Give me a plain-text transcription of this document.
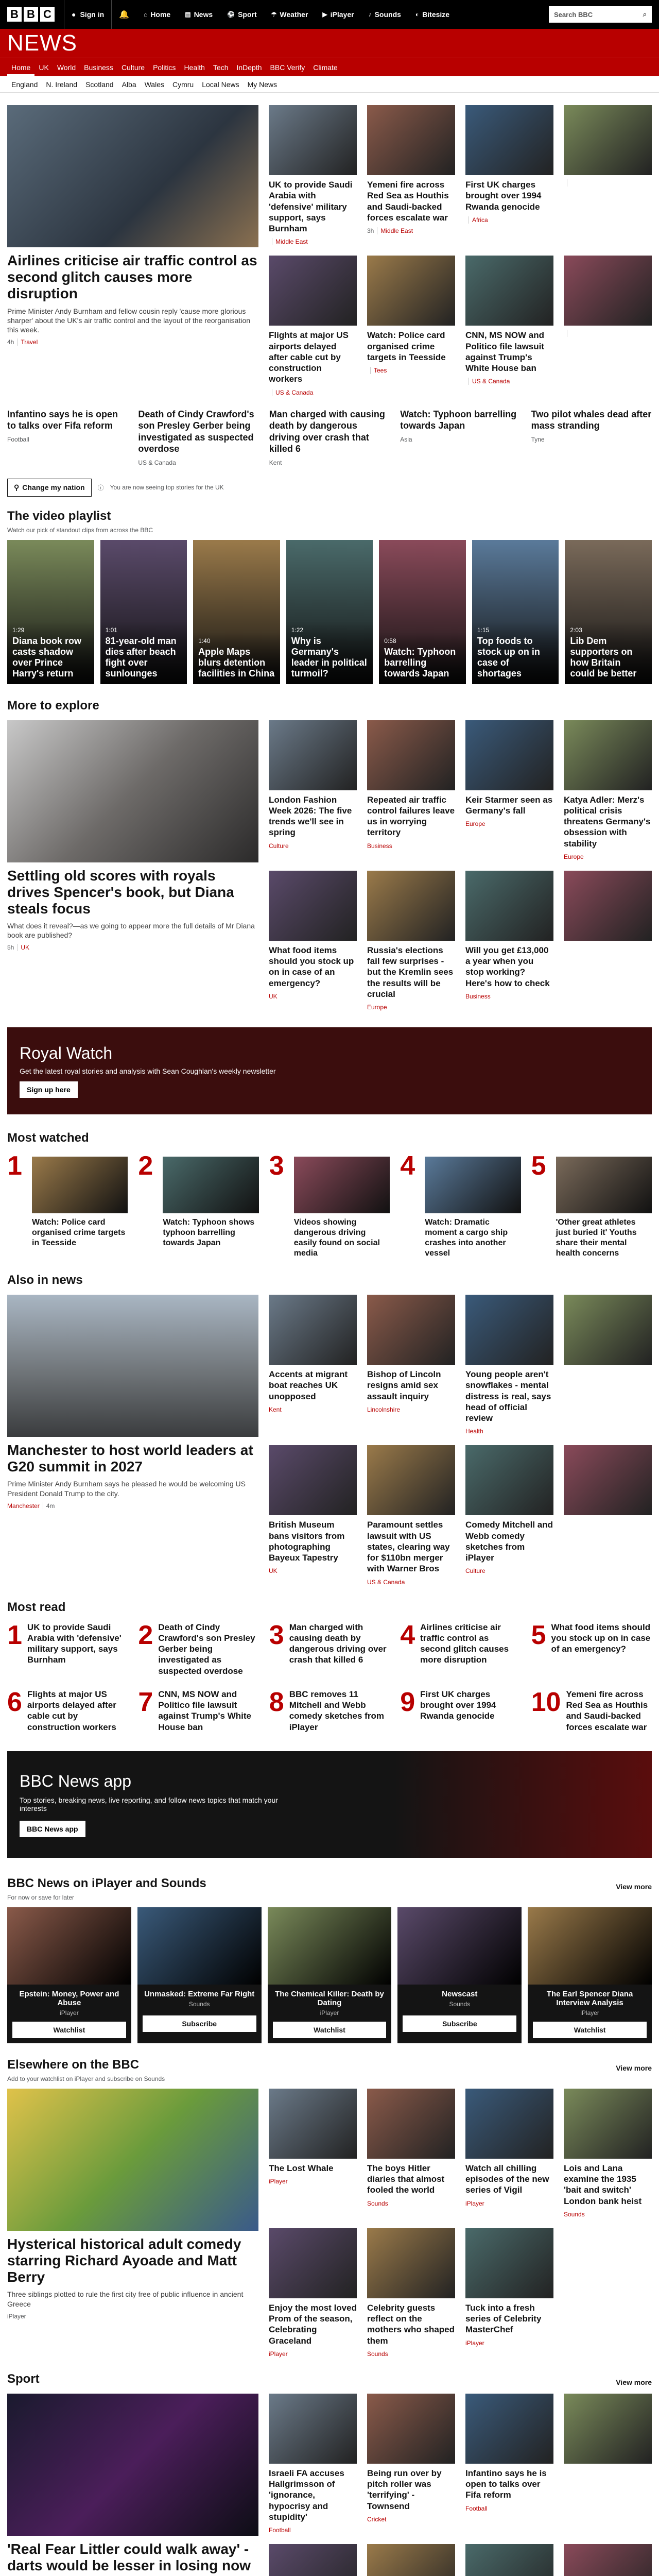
B B C	● Sign in	🔔	⌂ Home ▤ News ⚽ Sport ☂ Weather ▶ iPlayer ♪ Sounds ◐ Bitesize	Search BBC	⌕
NEWS
Home	UK	World	Business	Culture	Politics	Health	Tech	InDepth	BBC Verify	Climate
England	N. Ireland	Scotland	Alba	Wales	Cymru	Local News	My News
Airlines criticise air traffic control as second glitch causes more disruption

Prime Minister Andy Burnham and fellow cousin reply 'cause more glorious sharper' about the UK's air traffic control and the layout of the reorganisation this week.

4h Travel

UK to provide Saudi Arabia with 'defensive' military support, says Burnham

Middle East

Yemeni fire across Red Sea as Houthis and Saudi-backed forces escalate war

3h Middle East

First UK charges brought over 1994 Rwanda genocide

Africa

Flights at major US airports delayed after cable cut by construction workers

US & Canada

Watch: Police card organised crime targets in Teesside

Tees

CNN, MS NOW and Politico file lawsuit against Trump's White House ban

US & Canada

Infantino says he is open to talks over Fifa reform

Football

Death of Cindy Crawford's son Presley Gerber being investigated as suspected overdose

US & Canada

Man charged with causing death by dangerous driving over crash that killed 6

Kent

Watch: Typhoon barrelling towards Japan

Asia

Two pilot whales dead after mass stranding

Tyne

⚲ Change my nation ⓘ You are now seeing top stories for the UK
The video playlist

Watch our pick of standout clips from across the BBC

1:29
Diana book row casts shadow over Prince Harry's return
1:01
81-year-old man dies after beach fight over sunlounges
1:40
Apple Maps blurs detention facilities in China
1:22
Why is Germany's leader in political turmoil?
0:58
Watch: Typhoon barrelling towards Japan
1:15
Top foods to stock up on in case of shortages
2:03
Lib Dem supporters on how Britain could be better
More to explore
Settling old scores with royals drives Spencer's book, but Diana steals focus

What does it reveal?—as we going to appear more the full details of Mr Diana book are published?

5h UK

London Fashion Week 2026: The five trends we'll see in spring

Culture

Repeated air traffic control failures leave us in worrying territory

Business

Keir Starmer seen as Germany's fall

Europe

Katya Adler: Merz's political crisis threatens Germany's obsession with stability

Europe

What food items should you stock up on in case of an emergency?

UK

Russia's elections fail few surprises - but the Kremlin sees the results will be crucial

Europe

Will you get £13,000 a year when you stop working? Here's how to check

Business

Royal Watch

Get the latest royal stories and analysis with Sean Coughlan's weekly newsletter

Sign up here
Most watched
1
Watch: Police card organised crime targets in Teesside
2
Watch: Typhoon shows typhoon barrelling towards Japan
3
Videos showing dangerous driving easily found on social media
4
Watch: Dramatic moment a cargo ship crashes into another vessel
5
'Other great athletes just buried it' Youths share their mental health concerns
Also in news
Manchester to host world leaders at G20 summit in 2027

Prime Minister Andy Burnham says he pleased he would be welcoming US President Donald Trump to the city.

Manchester 4m

Accents at migrant boat reaches UK unopposed

Kent

Bishop of Lincoln resigns amid sex assault inquiry

Lincolnshire

Young people aren't snowflakes - mental distress is real, says head of official review

Health

British Museum bans visitors from photographing Bayeux Tapestry

UK

Paramount settles lawsuit with US states, clearing way for $110bn merger with Warner Bros

US & Canada

Comedy Mitchell and Webb comedy sketches from iPlayer

Culture

Most read
1 UK to provide Saudi Arabia with 'defensive' military support, says Burnham
2 Death of Cindy Crawford's son Presley Gerber being investigated as suspected overdose
3 Man charged with causing death by dangerous driving over crash that killed 6
4 Airlines criticise air traffic control as second glitch causes more disruption
5 What food items should you stock up on in case of an emergency?
6 Flights at major US airports delayed after cable cut by construction workers
7 CNN, MS NOW and Politico file lawsuit against Trump's White House ban
8 BBC removes 11 Mitchell and Webb comedy sketches from iPlayer
9 First UK charges brought over 1994 Rwanda genocide	10 Yemeni fire across Red Sea as Houthis and Saudi-backed forces escalate war
BBC News app

Top stories, breaking news, live reporting, and follow news topics that match your interests

BBC News app
BBC News on iPlayer and Sounds	View more

For now or save for later

Epstein: Money, Power and Abuse
iPlayer
Watchlist
Unmasked: Extreme Far Right
Sounds
Subscribe
The Chemical Killer: Death by Dating
iPlayer
Watchlist
Newscast
Sounds
Subscribe
The Earl Spencer Diana Interview Analysis
iPlayer
Watchlist
Elsewhere on the BBC	View more

Add to your watchlist on iPlayer and subscribe on Sounds

Hysterical historical adult comedy starring Richard Ayoade and Matt Berry

Three siblings plotted to rule the first city free of public influence in ancient Greece

iPlayer

The Lost Whale

iPlayer

The boys Hitler diaries that almost fooled the world

Sounds

Watch all chilling episodes of the new series of Vigil

iPlayer

Lois and Lana examine the 1935 'bait and switch' London bank heist

Sounds

Enjoy the most loved Prom of the season, Celebrating Graceland

iPlayer

Celebrity guests reflect on the mothers who shaped them

Sounds

Tuck into a fresh series of Celebrity MasterChef

iPlayer

Sport	View more
'Real Fear Littler could walk away' - darts would be lesser in losing now

Israeli FA accuses Hallgrimsson of 'ignorance, hypocrisy and stupidity'

Football

Being run over by pitch roller was 'terrifying' - Townsend

Cricket

Infantino says he is open to talks over Fifa reform

Football
